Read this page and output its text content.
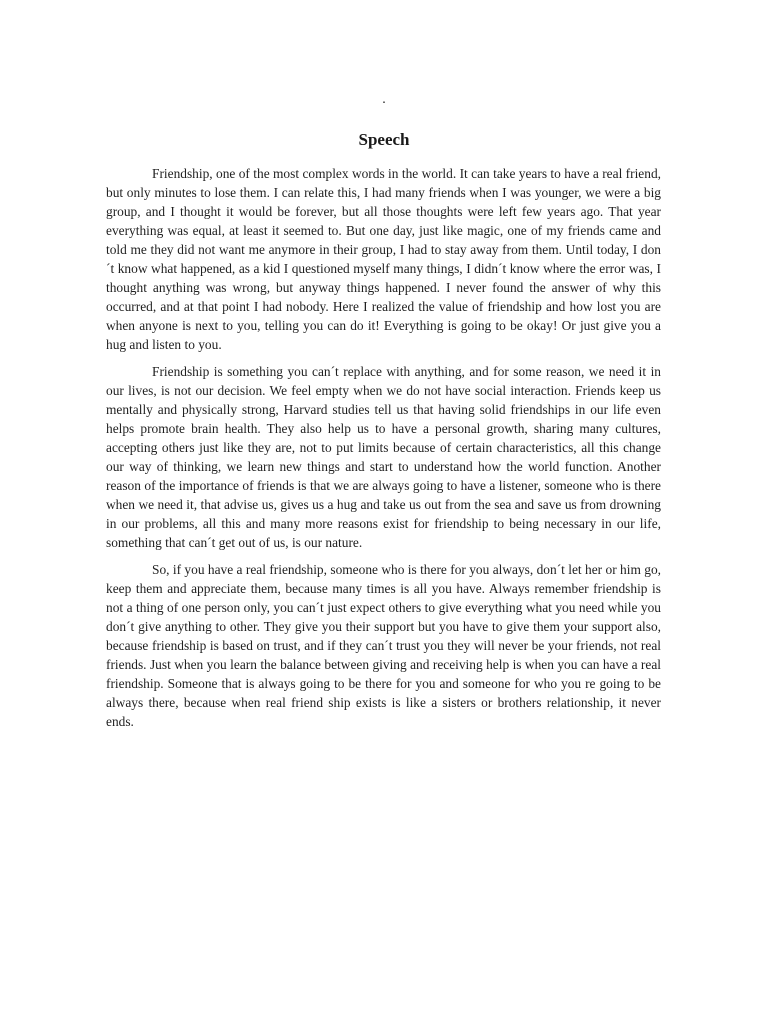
.
Speech

Friendship, one of the most complex words in the world. It can take years to have a real friend, but only minutes to lose them. I can relate this, I had many friends when I was younger, we were a big group, and I thought it would be forever, but all those thoughts were left few years ago. That year everything was equal, at least it seemed to. But one day, just like magic, one of my friends came and told me they did not want me anymore in their group, I had to stay away from them. Until today, I don´t know what happened, as a kid I questioned myself many things, I didn´t know where the error was, I thought anything was wrong, but anyway things happened. I never found the answer of why this occurred, and at that point I had nobody. Here I realized the value of friendship and how lost you are when anyone is next to you, telling you can do it! Everything is going to be okay! Or just give you a hug and listen to you.

Friendship is something you can´t replace with anything, and for some reason, we need it in our lives, is not our decision. We feel empty when we do not have social interaction. Friends keep us mentally and physically strong, Harvard studies tell us that having solid friendships in our life even helps promote brain health. They also help us to have a personal growth, sharing many cultures, accepting others just like they are, not to put limits because of certain characteristics, all this change our way of thinking, we learn new things and start to understand how the world function. Another reason of the importance of friends is that we are always going to have a listener, someone who is there when we need it, that advise us, gives us a hug and take us out from the sea and save us from drowning in our problems, all this and many more reasons exist for friendship to being necessary in our life, something that can´t get out of us, is our nature.

So, if you have a real friendship, someone who is there for you always, don´t let her or him go, keep them and appreciate them, because many times is all you have. Always remember friendship is not a thing of one person only, you can´t just expect others to give everything what you need while you don´t give anything to other. They give you their support but you have to give them your support also, because friendship is based on trust, and if they can´t trust you they will never be your friends, not real friends. Just when you learn the balance between giving and receiving help is when you can have a real friendship. Someone that is always going to be there for you and someone for who you re going to be always there, because when real friend ship exists is like a sisters or brothers relationship, it never ends.
